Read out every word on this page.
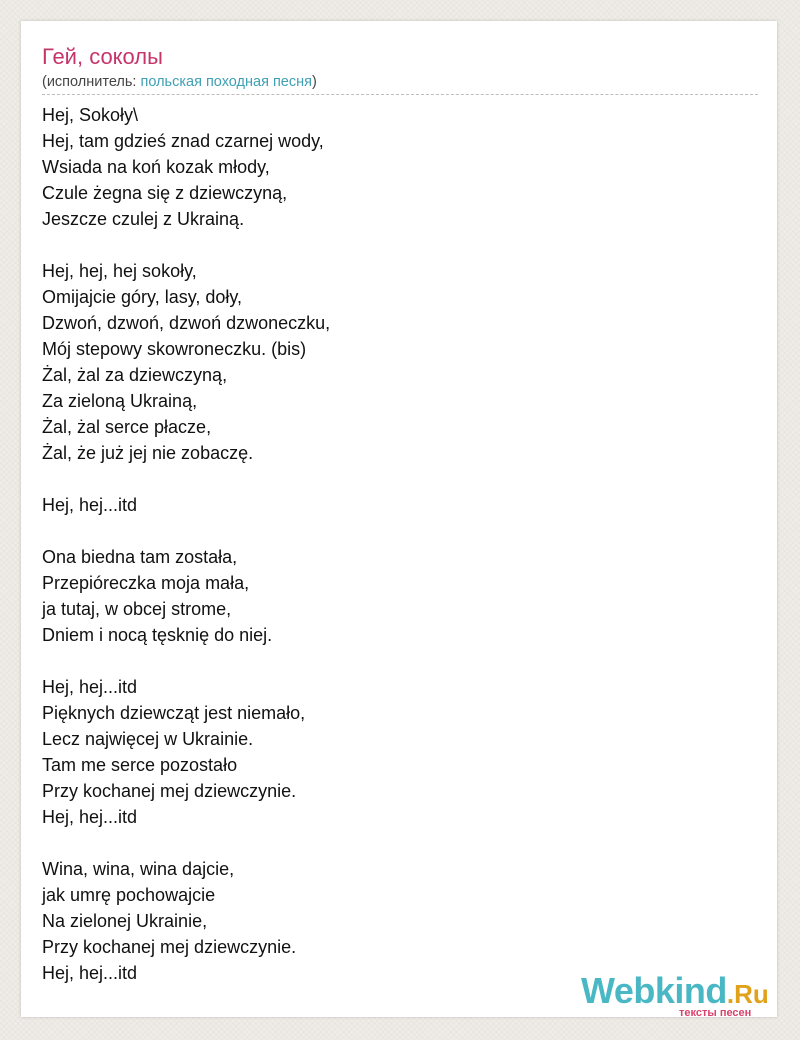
Гей, соколы
(исполнитель: польская походная песня)
Hej, Sokoły\
Hej, tam gdzieś znad czarnej wody,
Wsiada na koń kozak młody,
Czule żegna się z dziewczyną,
Jeszcze czulej z Ukrainą.
Hej, hej, hej sokoły,
Omijajcie góry, lasy, doły,
Dzwoń, dzwoń, dzwoń dzwoneczku,
Mój stepowy skowroneczku. (bis)
Żal, żal za dziewczyną,
Za zieloną Ukrainą,
Żal, żal serce płacze,
Żal, że już jej nie zobaczę.
Hej, hej...itd
Ona biedna tam została,
Przepióreczka moja mała,
ja tutaj, w obcej strome,
Dniem i nocą tęsknię do niej.
Hej, hej...itd
Pięknych dziewcząt jest niemało,
Lecz najwięcej w Ukrainie.
Tam me serce pozostało
Przy kochanej mej dziewczynie.
Hej, hej...itd
Wina, wina, wina dajcie,
jak umrę pochowajcie
Na zielonej Ukrainie,
Przy kochanej mej dziewczynie.
Hej, hej...itd	Webkind.Ru
тексты песен
